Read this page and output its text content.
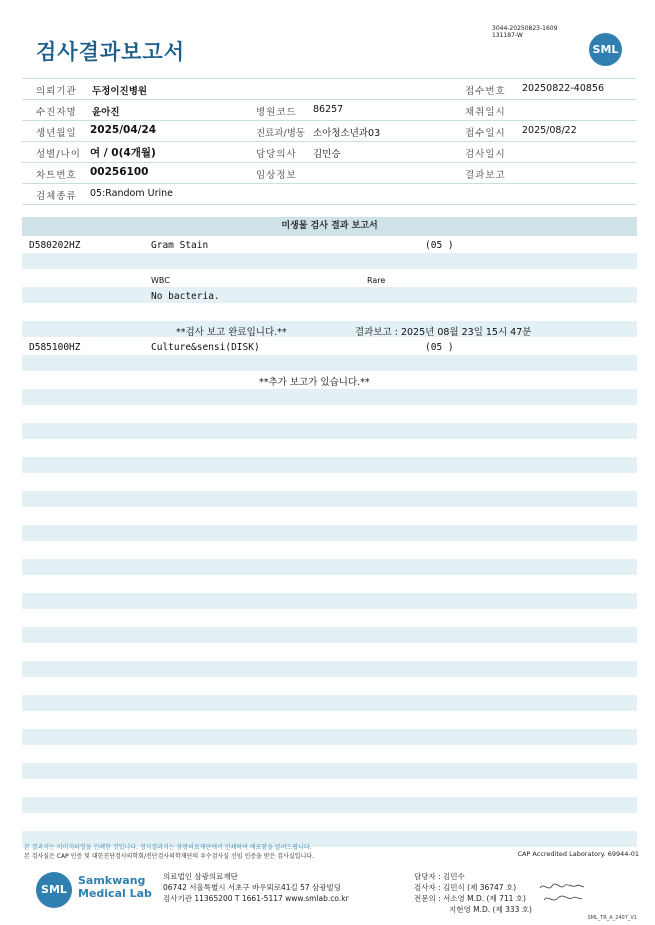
검사결과보고서
3044-20250823-1609
131187-W
SML
의뢰기관 두정이진병원	접수번호 20250822-40856
수진자명 윤아진	병원코드 86257	채취일시
생년월일 2025/04/24	진료과/병동 소아청소년과03	접수일시 2025/08/22
성별/나이 여 / 0(4개월)	담당의사 김민승	검사일시
차트번호 00256100	임상정보	결과보고
검체종류 05:Random Urine
미생물 검사 결과 보고서
D580202HZ	Gram Stain	(05 )
WBC	Rare
No bacteria.
**검사 보고 완료입니다.**	결과보고 : 2025년 08월 23일 15시 47분
D585100HZ	Culture&sensi(DISK)	(05 )
**추가 보고가 있습니다.**
본 결과지는 이미지파일을 인쇄한 것입니다. 정식결과지는 삼광의료재단에서 인쇄하여 배포함을 알려드립니다.
본 검사실은 CAP 인증 및 대한진단검사의학회/진단검사의학재단의 우수검사실 신임 인증을 받은 검사실입니다.	CAP Accredited Laboratory. 69944-01
SML
Samkwang
Medical Lab
의료법인 삼광의료재단
06742 서울특별시 서초구 바우뫼로41길 57 삼광빌딩
검사기관 11365200 T 1661-5117 www.smlab.co.kr
담당자 : 김민수
검사자 : 김민식 (제 36747 호)
전문의 : 서소영 M.D. (제 711 호)
지현영 M.D. (제 333 호)
SML_TR_A_2407_V1
